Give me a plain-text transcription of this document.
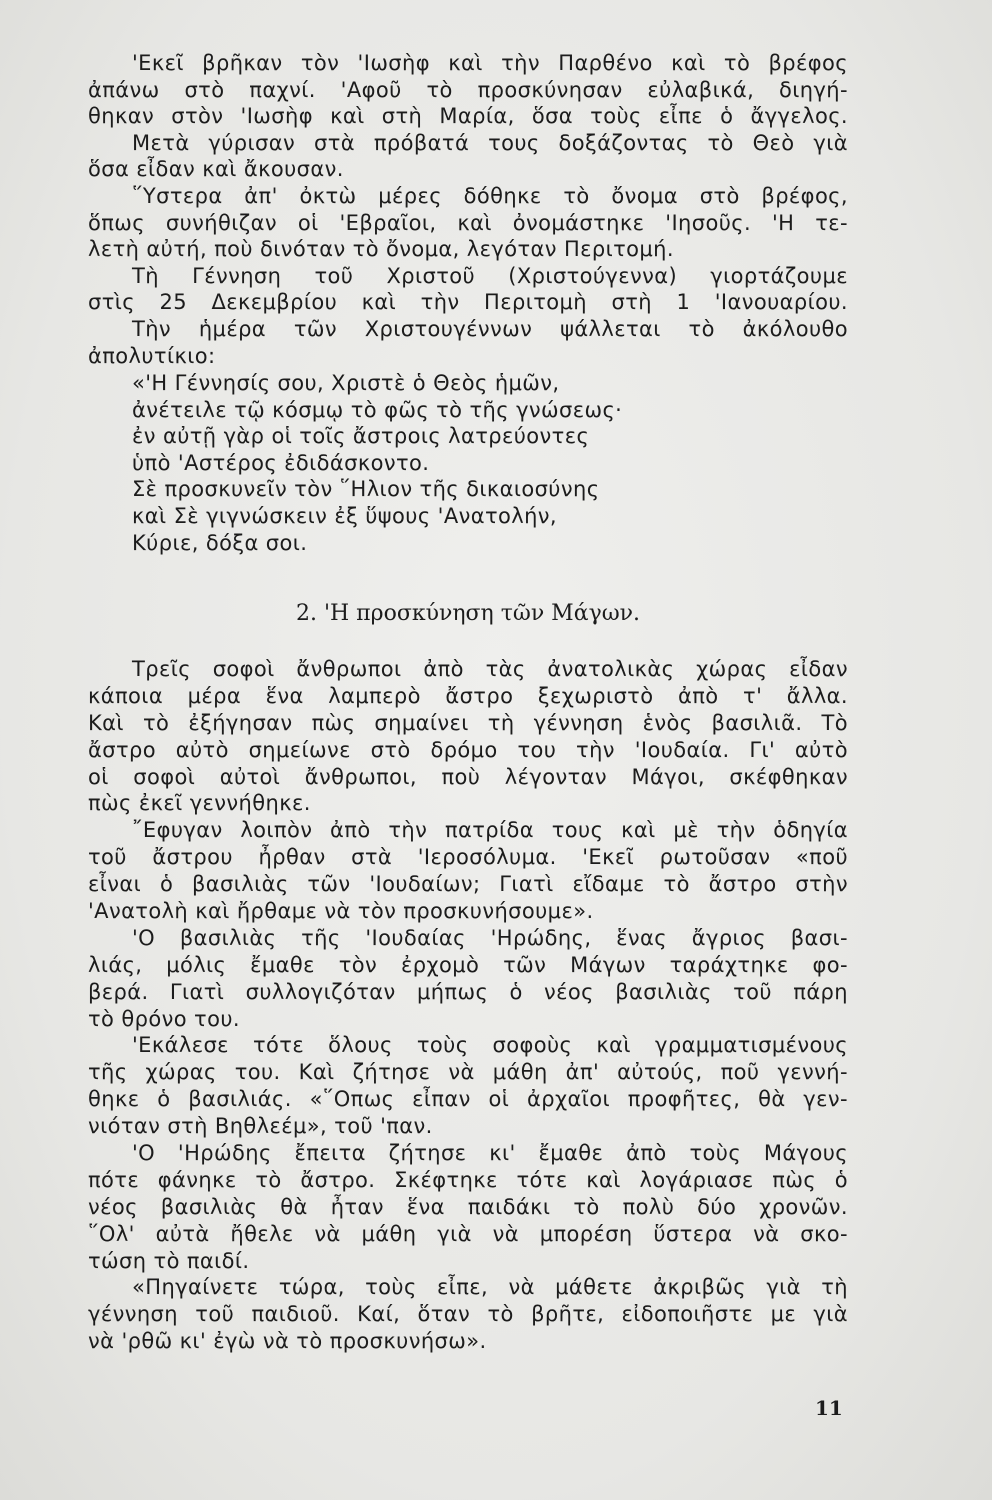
'Εκεῖ βρῆκαν τὸν 'Ιωσὴφ καὶ τὴν Παρθένο καὶ τὸ βρέφος
ἀπάνω στὸ παχνί. 'Αφοῦ τὸ προσκύνησαν εὐλαβικά, διηγή-
θηκαν στὸν 'Ιωσὴφ καὶ στὴ Μαρία, ὅσα τοὺς εἶπε ὁ ἄγγελος.
Μετὰ γύρισαν στὰ πρόβατά τους δοξάζοντας τὸ Θεὸ γιὰ
ὅσα εἶδαν καὶ ἄκουσαν.
῞Υστερα ἀπ' ὀκτὼ μέρες δόθηκε τὸ ὄνομα στὸ βρέφος,
ὅπως συνήθιζαν οἱ 'Εβραῖοι, καὶ ὀνομάστηκε 'Ιησοῦς. 'Η τε-
λετὴ αὐτή, ποὺ δινόταν τὸ ὄνομα, λεγόταν Περιτομή.
Τὴ Γέννηση τοῦ Χριστοῦ (Χριστούγεννα) γιορτάζουμε
στὶς 25 Δεκεμβρίου καὶ τὴν Περιτομὴ στὴ 1 'Ιανουαρίου.
Τὴν ἡμέρα τῶν Χριστουγέννων ψάλλεται τὸ ἀκόλουθο
ἀπολυτίκιο:
«'Η Γέννησίς σου, Χριστὲ ὁ Θεὸς ἡμῶν,
ἀνέτειλε τῷ κόσμῳ τὸ φῶς τὸ τῆς γνώσεως·
ἐν αὐτῇ γὰρ οἱ τοῖς ἄστροις λατρεύοντες
ὑπὸ 'Αστέρος ἐδιδάσκοντο.
Σὲ προσκυνεῖν τὸν ῞Ηλιον τῆς δικαιοσύνης
καὶ Σὲ γιγνώσκειν ἐξ ὕψους 'Ανατολήν,
Κύριε, δόξα σοι.
2. 'Η προσκύνηση τῶν Μάγων.
Τρεῖς σοφοὶ ἄνθρωποι ἀπὸ τὰς ἀνατολικὰς χώρας εἶδαν
κάποια μέρα ἕνα λαμπερὸ ἄστρο ξεχωριστὸ ἀπὸ τ' ἄλλα.
Καὶ τὸ ἐξήγησαν πὼς σημαίνει τὴ γέννηση ἑνὸς βασιλιᾶ. Τὸ
ἄστρο αὐτὸ σημείωνε στὸ δρόμο του τὴν 'Ιουδαία. Γι' αὐτὸ
οἱ σοφοὶ αὐτοὶ ἄνθρωποι, ποὺ λέγονταν Μάγοι, σκέφθηκαν
πὼς ἐκεῖ γεννήθηκε.
῎Εφυγαν λοιπὸν ἀπὸ τὴν πατρίδα τους καὶ μὲ τὴν ὁδηγία
τοῦ ἄστρου ἦρθαν στὰ 'Ιεροσόλυμα. 'Εκεῖ ρωτοῦσαν «ποῦ
εἶναι ὁ βασιλιὰς τῶν 'Ιουδαίων; Γιατὶ εἴδαμε τὸ ἄστρο στὴν
'Ανατολὴ καὶ ἤρθαμε νὰ τὸν προσκυνήσουμε».
'Ο βασιλιὰς τῆς 'Ιουδαίας 'Ηρώδης, ἕνας ἄγριος βασι-
λιάς, μόλις ἔμαθε τὸν ἐρχομὸ τῶν Μάγων ταράχτηκε φο-
βερά. Γιατὶ συλλογιζόταν μήπως ὁ νέος βασιλιὰς τοῦ πάρη
τὸ θρόνο του.
'Εκάλεσε τότε ὅλους τοὺς σοφοὺς καὶ γραμματισμένους
τῆς χώρας του. Καὶ ζήτησε νὰ μάθη ἀπ' αὐτούς, ποῦ γεννή-
θηκε ὁ βασιλιάς. «῞Οπως εἶπαν οἱ ἀρχαῖοι προφῆτες, θὰ γεν-
νιόταν στὴ Βηθλεέμ», τοῦ 'παν.
'Ο 'Ηρώδης ἔπειτα ζήτησε κι' ἔμαθε ἀπὸ τοὺς Μάγους
πότε φάνηκε τὸ ἄστρο. Σκέφτηκε τότε καὶ λογάριασε πὼς ὁ
νέος βασιλιὰς θὰ ἦταν ἕνα παιδάκι τὸ πολὺ δύο χρονῶν.
῞Ολ' αὐτὰ ἤθελε νὰ μάθη γιὰ νὰ μπορέση ὕστερα νὰ σκο-
τώση τὸ παιδί.
«Πηγαίνετε τώρα, τοὺς εἶπε, νὰ μάθετε ἀκριβῶς γιὰ τὴ
γέννηση τοῦ παιδιοῦ. Καί, ὅταν τὸ βρῆτε, εἰδοποιῆστε με γιὰ
νὰ 'ρθῶ κι' ἐγὼ νὰ τὸ προσκυνήσω».
11
